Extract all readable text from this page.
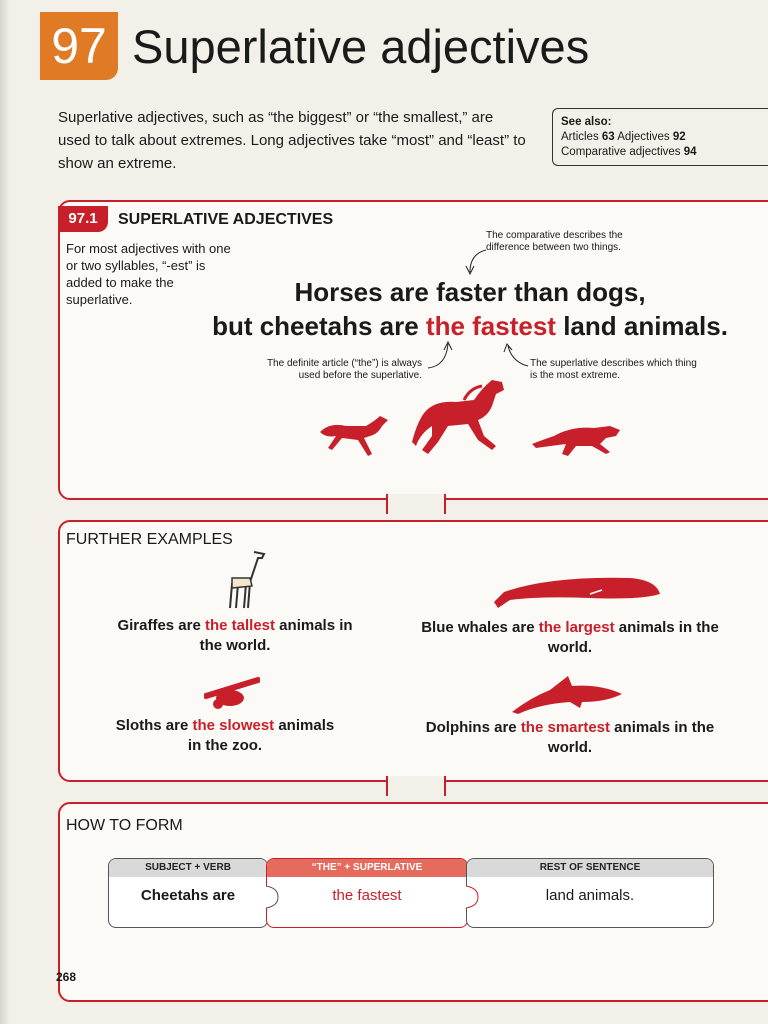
97 Superlative adjectives
Superlative adjectives, such as “the biggest” or “the smallest,” are used to talk about extremes. Long adjectives take “most” and “least” to show an extreme.
See also:
Articles 63 Adjectives 92
Comparative adjectives 94
97.1	SUPERLATIVE ADJECTIVES
For most adjectives with one or two syllables, “-est” is added to make the superlative.
The comparative describes the difference between two things.
The definite article (“the”) is always used before the superlative.
The superlative describes which thing is the most extreme.
Horses are faster than dogs,
but cheetahs are the fastest land animals.
FURTHER EXAMPLES
Giraffes are the tallest animals in the world.
Blue whales are the largest animals in the world.
Sloths are the slowest animals in the zoo.
Dolphins are the smartest animals in the world.
HOW TO FORM
SUBJECT + VERB
Cheetahs are
“THE” + SUPERLATIVE
the fastest
REST OF SENTENCE
land animals.
268
